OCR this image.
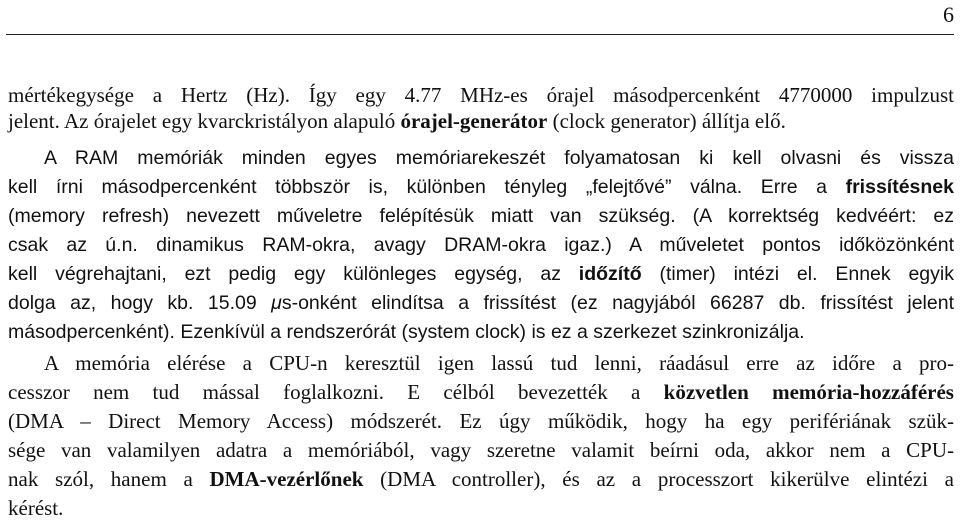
6
mértékegysége a Hertz (Hz). Így egy 4.77 MHz-es órajel másodpercenként 4770000 impulzust
jelent. Az órajelet egy kvarckristályon alapuló órajel-generátor (clock generator) állítja elő.
A RAM memóriák minden egyes memóriarekeszét folyamatosan ki kell olvasni és vissza
kell írni másodpercenként többször is, különben tényleg „felejtővé” válna. Erre a frissítésnek
(memory refresh) nevezett műveletre felépítésük miatt van szükség. (A korrektség kedvéért: ez
csak az ú.n. dinamikus RAM-okra, avagy DRAM-okra igaz.) A műveletet pontos időközönként
kell végrehajtani, ezt pedig egy különleges egység, az időzítő (timer) intézi el. Ennek egyik
dolga az, hogy kb. 15.09 μs-onként elindítsa a frissítést (ez nagyjából 66287 db. frissítést jelent
másodpercenként). Ezenkívül a rendszerórát (system clock) is ez a szerkezet szinkronizálja.
A memória elérése a CPU-n keresztül igen lassú tud lenni, ráadásul erre az időre a pro-
cesszor nem tud mással foglalkozni. E célból bevezették a közvetlen memória-hozzáférés
(DMA – Direct Memory Access) módszerét. Ez úgy működik, hogy ha egy perifériának szük-
sége van valamilyen adatra a memóriából, vagy szeretne valamit beírni oda, akkor nem a CPU-
nak szól, hanem a DMA-vezérlőnek (DMA controller), és az a processzort kikerülve elintézi a
kérést.
